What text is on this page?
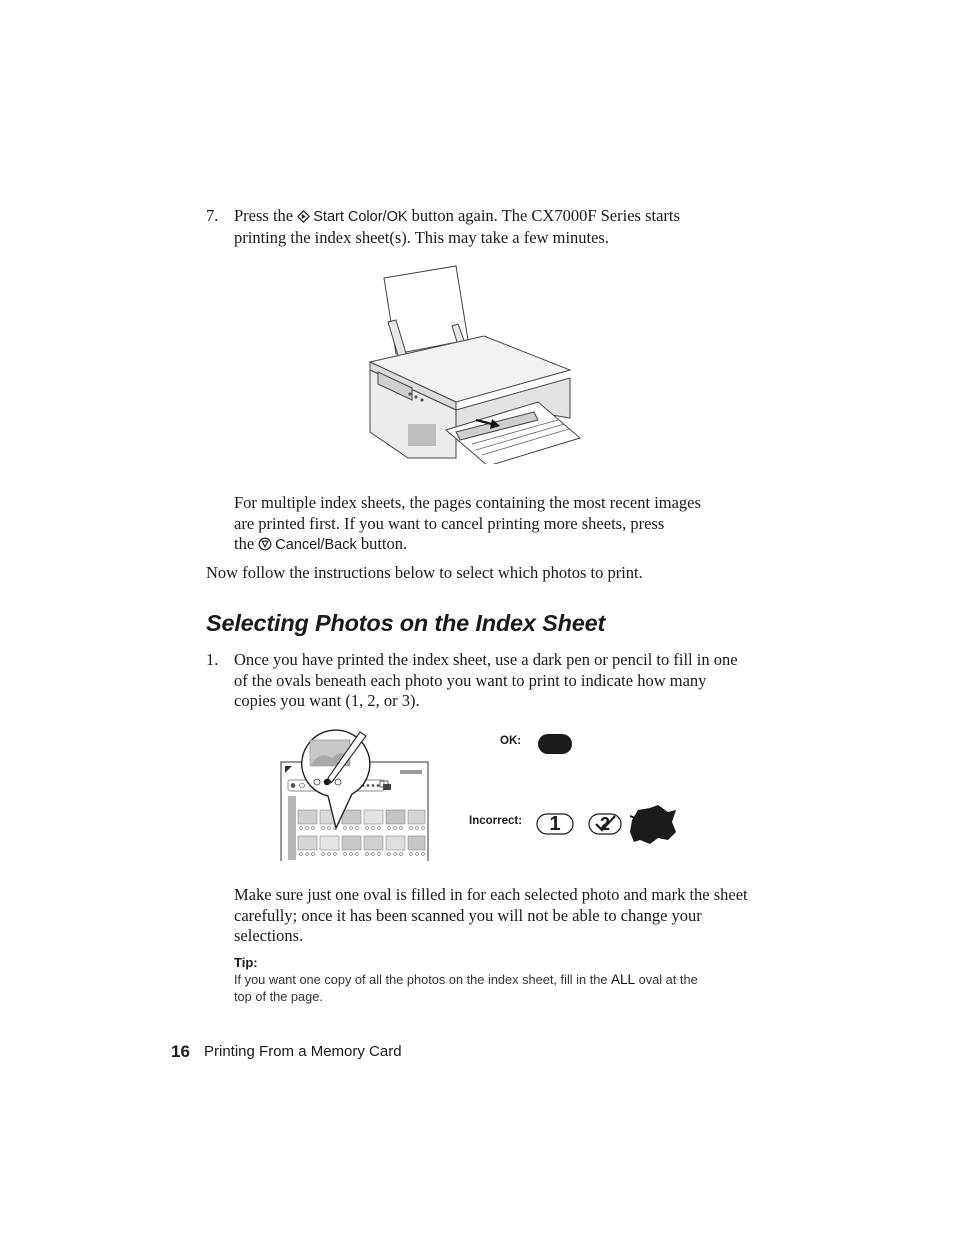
7. Press the Start Color/OK button again. The CX7000F Series starts
printing the index sheet(s). This may take a few minutes.
For multiple index sheets, the pages containing the most recent images
are printed first. If you want to cancel printing more sheets, press
the Cancel/Back button.
Now follow the instructions below to select which photos to print.
Selecting Photos on the Index Sheet
1. Once you have printed the index sheet, use a dark pen or pencil to fill in one
of the ovals beneath each photo you want to print to indicate how many
copies you want (1, 2, or 3).
OK:
Incorrect:	1	2
Make sure just one oval is filled in for each selected photo and mark the sheet
carefully; once it has been scanned you will not be able to change your
selections.
Tip:
If you want one copy of all the photos on the index sheet, fill in the ALL oval at the
top of the page.
16 Printing From a Memory Card
